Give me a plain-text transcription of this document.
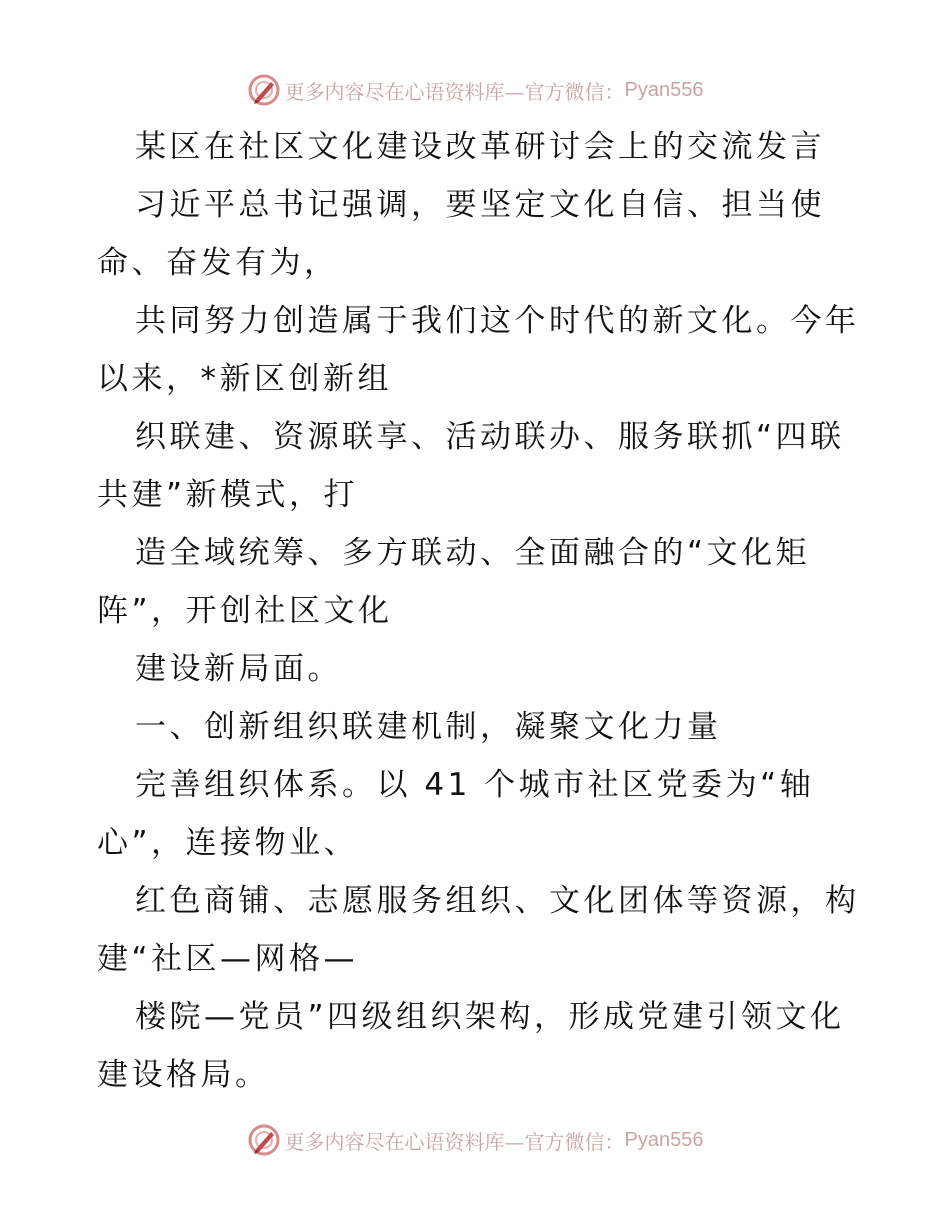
更多内容尽在心语资料库—官方微信： Pyan556
某区在社区文化建设改革研讨会上的交流发言
习近平总书记强调，要坚定文化自信、担当使
命、奋发有为，
共同努力创造属于我们这个时代的新文化。今年
以来，*新区创新组
织联建、资源联享、活动联办、服务联抓“四联
共建”新模式，打
造全域统筹、多方联动、全面融合的“文化矩
阵”，开创社区文化
建设新局面。
一、创新组织联建机制，凝聚文化力量
完善组织体系。以 41 个城市社区党委为“轴
心”，连接物业、
红色商铺、志愿服务组织、文化团体等资源，构
建“社区—网格—
楼院—党员”四级组织架构，形成党建引领文化
建设格局。
更多内容尽在心语资料库—官方微信： Pyan556
